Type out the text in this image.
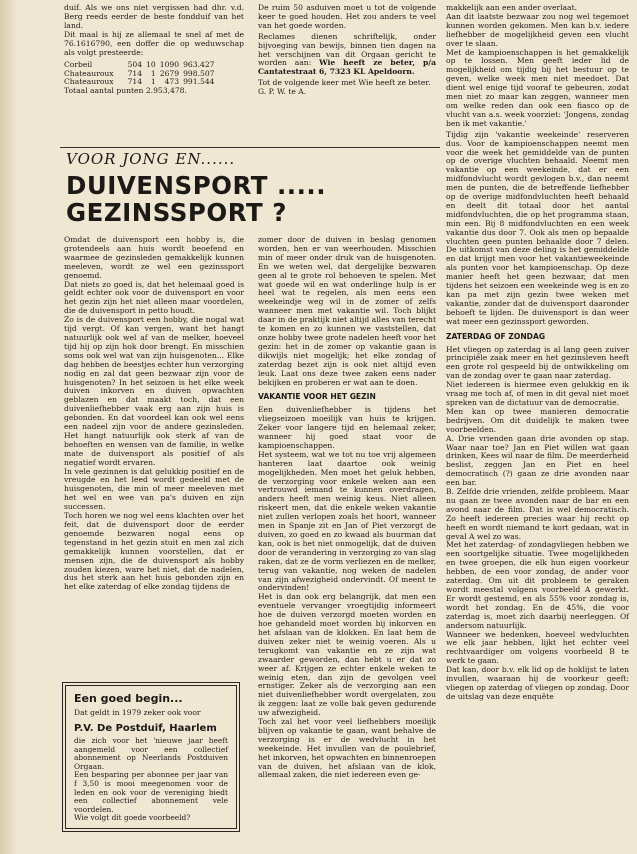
duif. Als we ons niet vergissen had dhr. v.d. Berg reeds eerder de beste fondduif van het land.

Dit maal is hij ze allemaal te snel af met de 76.1616790, een doffer die op weduwschap als volgt presteerde:

Corbeil	504	10	1090	963.427
Chateauroux	714	1	2679	998.507
Chateauroux	714	1	473	991.544

Totaal aantal punten 2.953,478.

De ruim 50 asduiven moet u tot de volgende keer te goed houden. Het zou anders te veel van het goede worden.

Reclames dienen schriftelijk, onder bijvoeging van bewijs, binnen tien dagen na het verschijnen van dit Orgaan gericht te worden aan: Wie heeft ze beter, p/a Cantatestraat 6, 7323 KL Apeldoorn.

Tot de volgende keer met Wie heeft ze beter.

G. P. W. te A.

VOOR JONG EN......
DUIVENSPORT .....
GEZINSSPORT ?

Omdat de duivensport een hobby is, die grotendeels aan huis wordt beoefend en waarmee de gezinsleden gemakkelijk kunnen meeleven, wordt ze wel een gezinssport genoemd.

Dat niets zo goed is, dat het helemaal goed is geldt echter ook voor de duivensport en voor het gezin zijn het niet alleen maar voordelen, die de duivensport in petto houdt.

Zo is de duivensport een hobby, die nogal wat tijd vergt. Of kan vergen, want het hangt natuurlijk ook wel af van de melker, hoeveel tijd hij op zijn hok door brengt. En misschien soms ook wel wat van zijn huisgenoten... Elke dag hebben de beestjes echter hun verzorging nodig en zal dat geen bezwaar zijn voor de huisgenoten? In het seizoen is het elke week duiven inkorven en duiven opwachten geblazen en dat maakt toch, dat een duivenliefhebber vaak erg aan zijn huis is gebonden. En dat voordeel kan ook wel eens een nadeel zijn voor de andere gezinsleden. Het hangt natuurlijk ook sterk af van de behoeften en wensen van de familie, in welke mate de duivensport als positief of als negatief wordt ervaren.

In vele gezinnen is dat gelukkig positief en de vreugde en het leed wordt gedeeld met de huisgenoten, die min of meer meeleven met het wel en wee van pa's duiven en zijn successen.

Toch horen we nog wel eens klachten over het feit, dat de duivensport door de eerder genoemde bezwaren nogal eens op tegenstand in het gezin stuit en men zal zich gemakkelijk kunnen voorstellen, dat er mensen zijn, die de duivensport als hobby zouden kiezen, ware het niet, dat de nadelen, dus het sterk aan het huis gebonden zijn en het elke zaterdag of elke zondag tijdens de

Een goed begin...
Dat geldt in 1979 zeker ook voor
P.V. De Postduif, Haarlem

die zich voor het 'nieuwe jaar heeft aangemeld voor een collectief abonnement op Neerlands Postduiven Orgaan.

Een besparing per abonnee per jaar van f 3,50 is mooi meegenomen voor de leden en ook voor de vereniging biedt een collectief abonnement vele voordelen.

Wie volgt dit goede voorbeeld?

zomer door de duiven in beslag genomen worden, hen er van weerhouden. Misschien min of meer onder druk van de huisgenoten. En we weten wel, dat dergelijke bezwaren geen al te grote rol behoeven te spelen. Met wat goede wil en wat onderlinge hulp is er heel wat te regelen, als men eens een weekeindje weg wil in de zomer of zelfs wanneer men met vakantie wil. Toch blijkt daar in de praktijk niet altijd alles van terecht te komen en zo kunnen we vaststellen, dat onze hobby twee grote nadelen heeft voor het gezin: het in de zomer op vakantie gaan is dikwijls niet mogelijk; het elke zondag of zaterdag bezet zijn is ook niet altijd even leuk. Laat ons deze twee zaken eens nader bekijken en proberen er wat aan te doen.

VAKANTIE VOOR HET GEZIN

Een duivenliefhebber is tijdens het vliegseizoen moeilijk van huis te krijgen. Zeker voor langere tijd en helemaal zeker, wanneer hij goed staat voor de kampioenschappen.

Het systeem, wat we tot nu toe vrij algemeen hanteren laat daartoe ook weinig mogelijkheden. Men moet het geluk hebben, de verzorging voor enkele weken aan een vertrouwd iemand te kunnen overdragen, anders heeft men weinig keus. Niet alleen riskeert men, dat die enkele weken vakantie niet zullen verlopen zoals het hoort, wanneer men in Spanje zit en Jan of Piet verzorgt de duiven, zo goed en zo kwaad als buurman dat kan, ook is het niet onmogelijk, dat de duiven door de verandering in verzorging zo van slag raken, dat ze de vorm verliezen en de melker, terug van vakantie, nog weken de nadelen van zijn afwezigheid ondervindt. Of meent te ondervinden!

Het is dan ook erg belangrijk, dat men een eventuele vervanger vroegtijdig informeert hoe de duiven verzorgd moeten worden en hoe gehandeld moet worden bij inkorven en het afslaan van de klokken. En laat hem de duiven zeker niet te weinig voeren. Als u terugkomt van vakantie en ze zijn wat zwaarder geworden, dan hebt u er dat zo weer af. Krijgen ze echter enkele weken te weinig eten, dan zijn de gevolgen veel ernstiger. Zeker als de verzorging aan een niet duivenliefhebber wordt overgelaten, zou ik zeggen: laat ze volle bak geven gedurende uw afwezigheid.

Toch zal het voor veel liefhebbers moeilijk blijven op vakantie te gaan, want behalve de verzorging is er de wedvlucht in het weekeinde. Het invullen van de poulebrief, het inkorven, het opwachten en binnenroepen van de duiven, het afslaan van de klok, allemaal zaken, die niet iedereen even ge-

makkelijk aan een ander overlaat.

Aan dit laatste bezwaar zou nog wel tegemoet kunnen worden gekomen. Men kan b.v. iedere liefhebber de mogelijkheid geven een vlucht over te slaan.

Met de kampioenschappen is het gemakkelijk op te lossen. Men geeft ieder lid de mogelijkheid om tijdig bij het bestuur op te geven, welke week men niet meedoet. Dat dient wel enige tijd vooraf te gebeuren, zodat men niet zo maar kan zeggen, wanneer men om welke reden dan ook een fiasco op de vlucht van a.s. week voorziet: 'Jongens, zondag ben ik met vakantie.'

Tijdig zijn 'vakantie weekeinde' reserveren dus. Voor de kampioenschappen neemt men voor die week het gemiddelde van de punten op de overige vluchten behaald. Neemt men vakantie op een weekeinde, dat er een midfondvlucht wordt gevlogen b.v., dan neemt men de punten, die de betreffende liefhebber op de overige midfondvluchten heeft behaald en deelt dit totaal door het aantal midfondvluchten, die op het programma staan, min een. Bij 8 midfondvluchten en een week vakantie dus door 7. Ook als men op bepaalde vluchten geen punten behaalde door 7 delen. De uitkomst van deze deling is het gemiddelde en dat krijgt men voor het vakantieweekeinde als punten voor het kampioenschap. Op deze manier heeft het geen bezwaar, dat men tijdens het seizoen een weekeinde weg is en zo kan pa met zijn gezin twee weken met vakantie, zonder dat de duivensport daaronder behoeft te lijden. De duivensport is dan weer wat meer een gezinssport geworden.

ZATERDAG OF ZONDAG

Het vliegen op zaterdag is al lang geen zuiver principiële zaak meer en het gezinsleven heeft een grote rol gespeeld bij de ontwikkeling om van de zondag over te gaan naar zaterdag.

Niet iedereen is hiermee even gelukkig en ik vraag me toch af, of men in dit geval niet moet spreken van de dictatuur van de democratie.

Men kan op twee manieren democratie bedrijven. Om dit duidelijk te maken twee voorbeelden.

A. Drie vrienden gaan drie avonden op stap. Waar naar toe? Jan en Piet willen wat gaan drinken, Kees wil naar de film. De meerderheid beslist, zeggen Jan en Piet en heel democratisch (?) gaan ze drie avonden naar een bar.

B. Zelfde drie vrienden, zelfde probleem. Maar nu gaan ze twee avonden naar de bar en een avond naar de film. Dat is wel democratisch. Zo heeft iedereen precies waar hij recht op heeft en wordt niemand te kort gedaan, wat in geval A wel zo was.

Met het zaterdag- of zondagvliegen hebben we een soortgelijke situatie. Twee mogelijkheden en twee groepen, die elk hun eigen voorkeur hebben, de een voor zondag, de ander voor zaterdag. Om uit dit probleem te geraken wordt meestal volgens voorbeeld A gewerkt. Er wordt gestemd, en als 55% voor zondag is, wordt het zondag. En de 45%, die voor zaterdag is, moet zich daarbij neerleggen. Of andersom natuurlijk.

Wanneer we bedenken, hoeveel wedvluchten we elk jaar hebben, lijkt het echter veel rechtvaardiger om volgens voorbeeld B te werk te gaan.

Dat kan, door b.v. elk lid op de hoklijst te laten invullen, waaraan hij de voorkeur geeft: vliegen op zaterdag of vliegen op zondag. Door de uitslag van deze enquête
